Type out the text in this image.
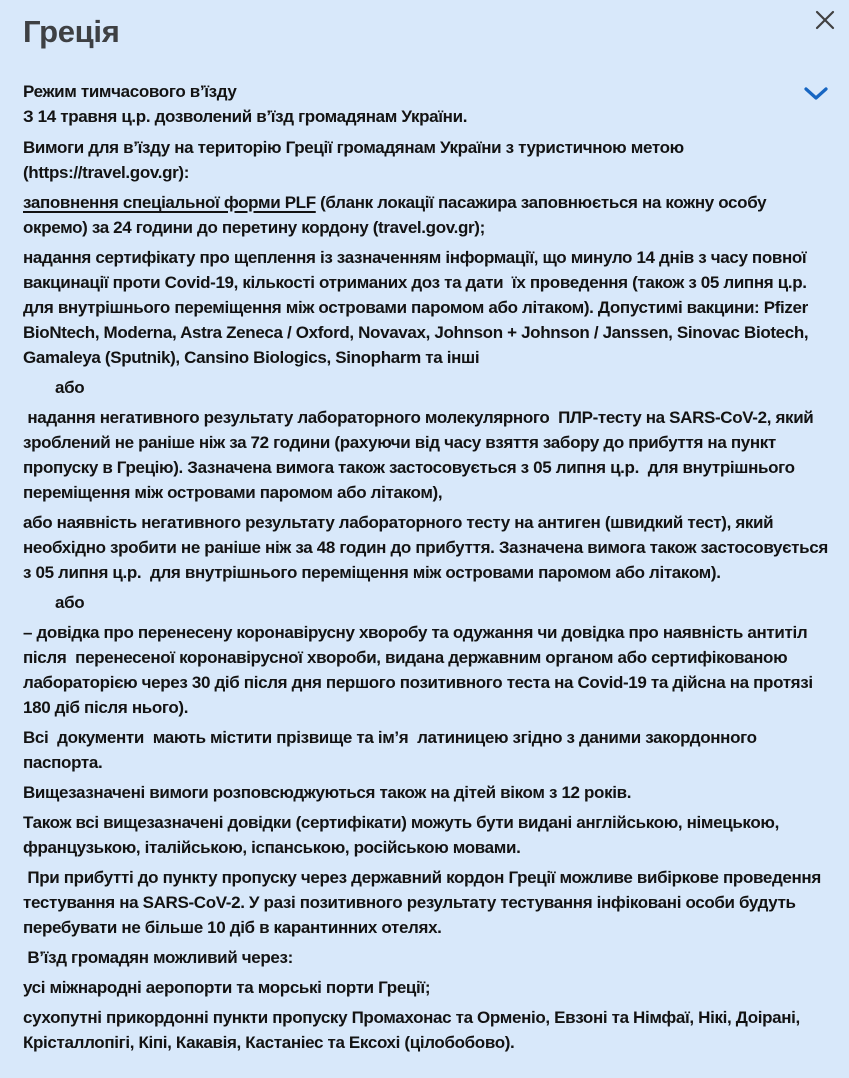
Греція

Режим тимчасового в’їзду
З 14 травня ц.р. дозволений в’їзд громадянам України.

Вимоги для в’їзду на територію Греції громадянам України з туристичною метою (https://travel.gov.gr):

заповнення спеціальної форми PLF (бланк локації пасажира заповнюється на кожну особу окремо) за 24 години до перетину кордону (travel.gov.gr);

надання сертифікату про щеплення із зазначенням інформації, що минуло 14 днів з часу повної вакцинації проти Covid-19, кількості отриманих доз та дати  їх проведення (також з 05 липня ц.р. для внутрішнього переміщення між островами паромом або літаком). Допустимі вакцини: Pfizer BioNtech, Moderna, Astra Zeneca / Oxford, Novavax, Johnson + Johnson / Janssen, Sinovac Biotech, Gamaleya (Sputnik), Cansino Biologics, Sinopharm та інші

або

надання негативного результату лабораторного молекулярного  ПЛР-тесту на SARS-CoV-2, який зроблений не раніше ніж за 72 години (рахуючи від часу взяття забору до прибуття на пункт пропуску в Грецію). Зазначена вимога також застосовується з 05 липня ц.р.  для внутрішнього переміщення між островами паромом або літаком),

або наявність негативного результату лабораторного тесту на антиген (швидкий тест), який  необхідно зробити не раніше ніж за 48 годин до прибуття. Зазначена вимога також застосовується з 05 липня ц.р.  для внутрішнього переміщення між островами паромом або літаком).

або

– довідка про перенесену коронавірусну хворобу та одужання чи довідка про наявність антитіл після  перенесеної коронавірусної хвороби, видана державним органом або сертифікованою лабораторією через 30 діб після дня першого позитивного теста на Covid-19 та дійсна на протязі 180 діб після нього).

Всі  документи  мають містити прізвище та ім’я  латиницею згідно з даними закордонного паспорта.

Вищезазначені вимоги розповсюджуються також на дітей віком з 12 років.

Також всі вищезазначені довідки (сертифікати) можуть бути видані англійською, німецькою, французькою, італійською, іспанською, російською мовами.

При прибутті до пункту пропуску через державний кордон Греції можливе вибіркове проведення тестування на SARS-CoV-2. У разі позитивного результату тестування інфіковані особи будуть перебувати не більше 10 діб в карантинних отелях.

В’їзд громадян можливий через:

усі міжнародні аеропорти та морські порти Греції;

сухопутні прикордонні пункти пропуску Промахонас та Орменіо, Евзоні та Німфаї, Нікі, Доірані,  Крісталлопігі, Кіпі, Какавія, Кастаніес та Ексохі (цілобобово).
